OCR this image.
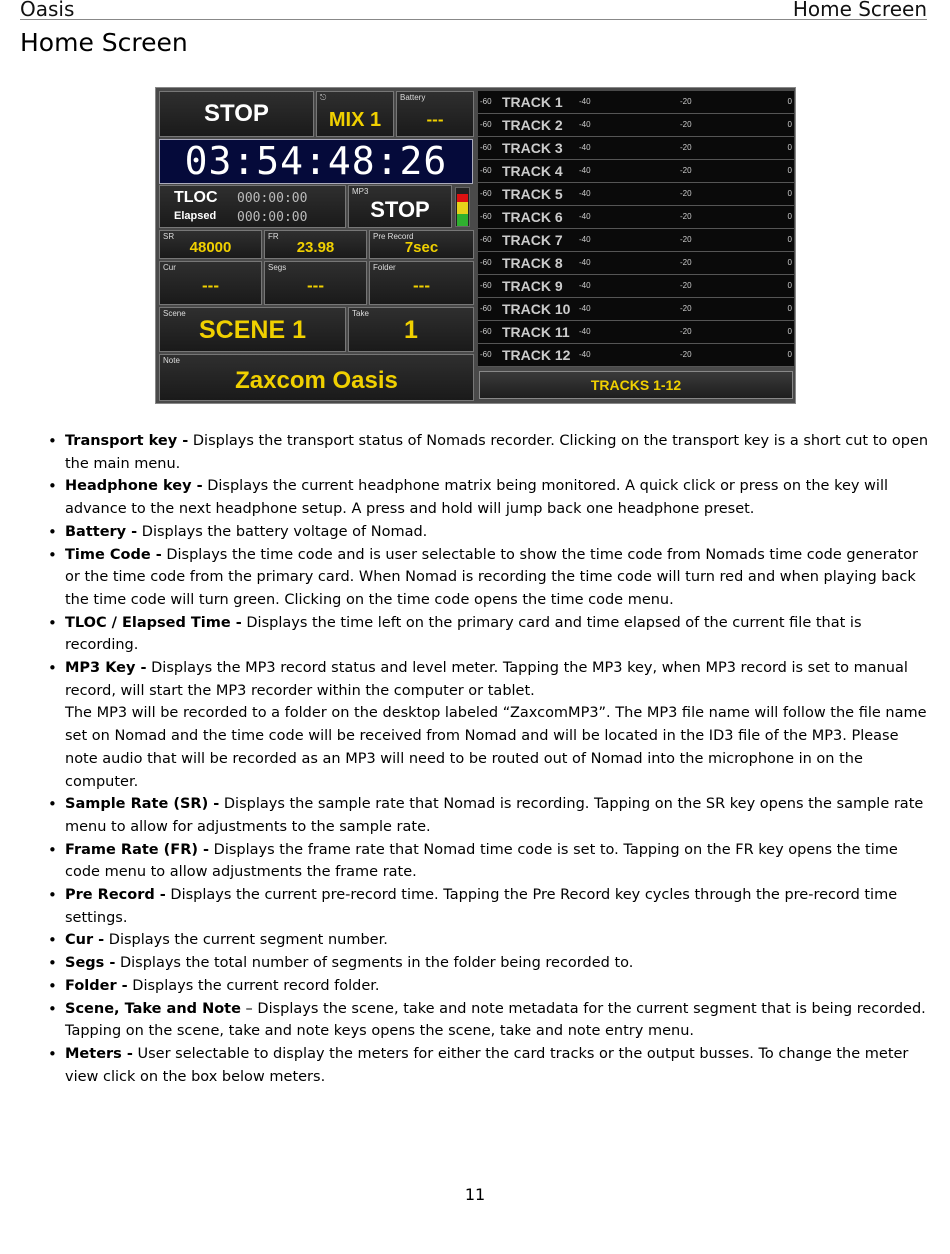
Oasis	Home Screen
Home Screen
STOP
⎋
MIX 1
Battery
---
03:54:48:26
TLOC 000:00:00
Elapsed 000:00:00
MP3
STOP
SR
48000
FR
23.98
Pre Record
7sec
Cur
---
Segs
---
Folder
---
Scene
SCENE 1
Take
1
Note
Zaxcom Oasis
-60 TRACK 1 -40	-20	0
-60 TRACK 2 -40	-20	0
-60 TRACK 3 -40	-20	0
-60 TRACK 4 -40	-20	0
-60 TRACK 5 -40	-20	0
-60 TRACK 6 -40	-20	0
-60 TRACK 7 -40	-20	0
-60 TRACK 8 -40	-20	0
-60 TRACK 9 -40	-20	0
-60 TRACK 10 -40	-20	0
-60 TRACK 11 -40	-20	0
-60 TRACK 12 -40	-20	0
TRACKS 1-12
• Transport key - Displays the transport status of Nomads recorder. Clicking on the transport key is a short cut to open the main menu.
• Headphone key - Displays the current headphone matrix being monitored. A quick click or press on the key will advance to the next headphone setup. A press and hold will jump back one headphone preset.
• Battery - Displays the battery voltage of Nomad.
• Time Code - Displays the time code and is user selectable to show the time code from Nomads time code generator or the time code from the primary card. When Nomad is recording the time code will turn red and when playing back the time code will turn green. Clicking on the time code opens the time code menu.
• TLOC / Elapsed Time - Displays the time left on the primary card and time elapsed of the current file that is recording.
• MP3 Key - Displays the MP3 record status and level meter. Tapping the MP3 key, when MP3 record is set to manual record, will start the MP3 recorder within the computer or tablet.
The MP3 will be recorded to a folder on the desktop labeled “ZaxcomMP3”. The MP3 file name will follow the file name set on Nomad and the time code will be received from Nomad and will be located in the ID3 file of the MP3. Please note audio that will be recorded as an MP3 will need to be routed out of Nomad into the microphone in on the computer.
• Sample Rate (SR) - Displays the sample rate that Nomad is recording. Tapping on the SR key opens the sample rate menu to allow for adjustments to the sample rate.
• Frame Rate (FR) - Displays the frame rate that Nomad time code is set to. Tapping on the FR key opens the time code menu to allow adjustments the frame rate.
• Pre Record - Displays the current pre-record time. Tapping the Pre Record key cycles through the pre-record time settings.
• Cur - Displays the current segment number.
• Segs - Displays the total number of segments in the folder being recorded to.
• Folder - Displays the current record folder.
• Scene, Take and Note – Displays the scene, take and note metadata for the current segment that is being recorded. Tapping on the scene, take and note keys opens the scene, take and note entry menu.
• Meters - User selectable to display the meters for either the card tracks or the output busses. To change the meter view click on the box below meters.
11
